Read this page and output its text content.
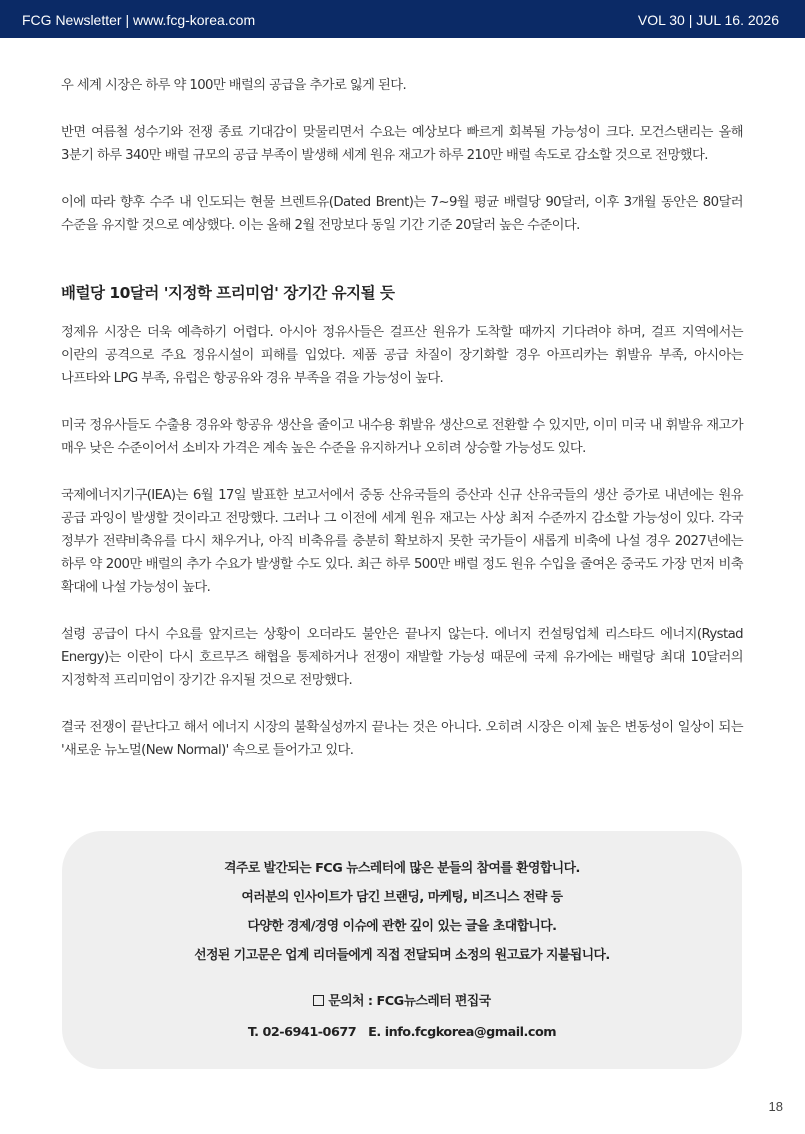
FCG Newsletter | www.fcg-korea.com	VOL 30 | JUL 16. 2026

우 세계 시장은 하루 약 100만 배럴의 공급을 추가로 잃게 된다.

반면 여름철 성수기와 전쟁 종료 기대감이 맞물리면서 수요는 예상보다 빠르게 회복될 가능성이 크다. 모건스탠리는 올해 3분기 하루 340만 배럴 규모의 공급 부족이 발생해 세계 원유 재고가 하루 210만 배럴 속도로 감소할 것으로 전망했다.

이에 따라 향후 수주 내 인도되는 현물 브렌트유(Dated Brent)는 7~9월 평균 배럴당 90달러, 이후 3개월 동안은 80달러 수준을 유지할 것으로 예상했다. 이는 올해 2월 전망보다 동일 기간 기준 20달러 높은 수준이다.

배럴당 10달러 '지정학 프리미엄' 장기간 유지될 듯

정제유 시장은 더욱 예측하기 어렵다. 아시아 정유사들은 걸프산 원유가 도착할 때까지 기다려야 하며, 걸프 지역에서는 이란의 공격으로 주요 정유시설이 피해를 입었다. 제품 공급 차질이 장기화할 경우 아프리카는 휘발유 부족, 아시아는 나프타와 LPG 부족, 유럽은 항공유와 경유 부족을 겪을 가능성이 높다.

미국 정유사들도 수출용 경유와 항공유 생산을 줄이고 내수용 휘발유 생산으로 전환할 수 있지만, 이미 미국 내 휘발유 재고가 매우 낮은 수준이어서 소비자 가격은 계속 높은 수준을 유지하거나 오히려 상승할 가능성도 있다.

국제에너지기구(IEA)는 6월 17일 발표한 보고서에서 중동 산유국들의 증산과 신규 산유국들의 생산 증가로 내년에는 원유 공급 과잉이 발생할 것이라고 전망했다. 그러나 그 이전에 세계 원유 재고는 사상 최저 수준까지 감소할 가능성이 있다. 각국 정부가 전략비축유를 다시 채우거나, 아직 비축유를 충분히 확보하지 못한 국가들이 새롭게 비축에 나설 경우 2027년에는 하루 약 200만 배럴의 추가 수요가 발생할 수도 있다. 최근 하루 500만 배럴 정도 원유 수입을 줄여온 중국도 가장 먼저 비축 확대에 나설 가능성이 높다.

설령 공급이 다시 수요를 앞지르는 상황이 오더라도 불안은 끝나지 않는다. 에너지 컨설팅업체 리스타드 에너지(Rystad Energy)는 이란이 다시 호르무즈 해협을 통제하거나 전쟁이 재발할 가능성 때문에 국제 유가에는 배럴당 최대 10달러의 지정학적 프리미엄이 장기간 유지될 것으로 전망했다.

결국 전쟁이 끝난다고 해서 에너지 시장의 불확실성까지 끝나는 것은 아니다. 오히려 시장은 이제 높은 변동성이 일상이 되는 '새로운 뉴노멀(New Normal)' 속으로 들어가고 있다.

격주로 발간되는 FCG 뉴스레터에 많은 분들의 참여를 환영합니다.
여러분의 인사이트가 담긴 브랜딩, 마케팅, 비즈니스 전략 등
다양한 경제/경영 이슈에 관한 깊이 있는 글을 초대합니다.
선정된 기고문은 업계 리더들에게 직접 전달되며 소정의 원고료가 지불됩니다.
문의처 : FCG뉴스레터 편집국
T. 02-6941-0677 E. info.fcgkorea@gmail.com
18
